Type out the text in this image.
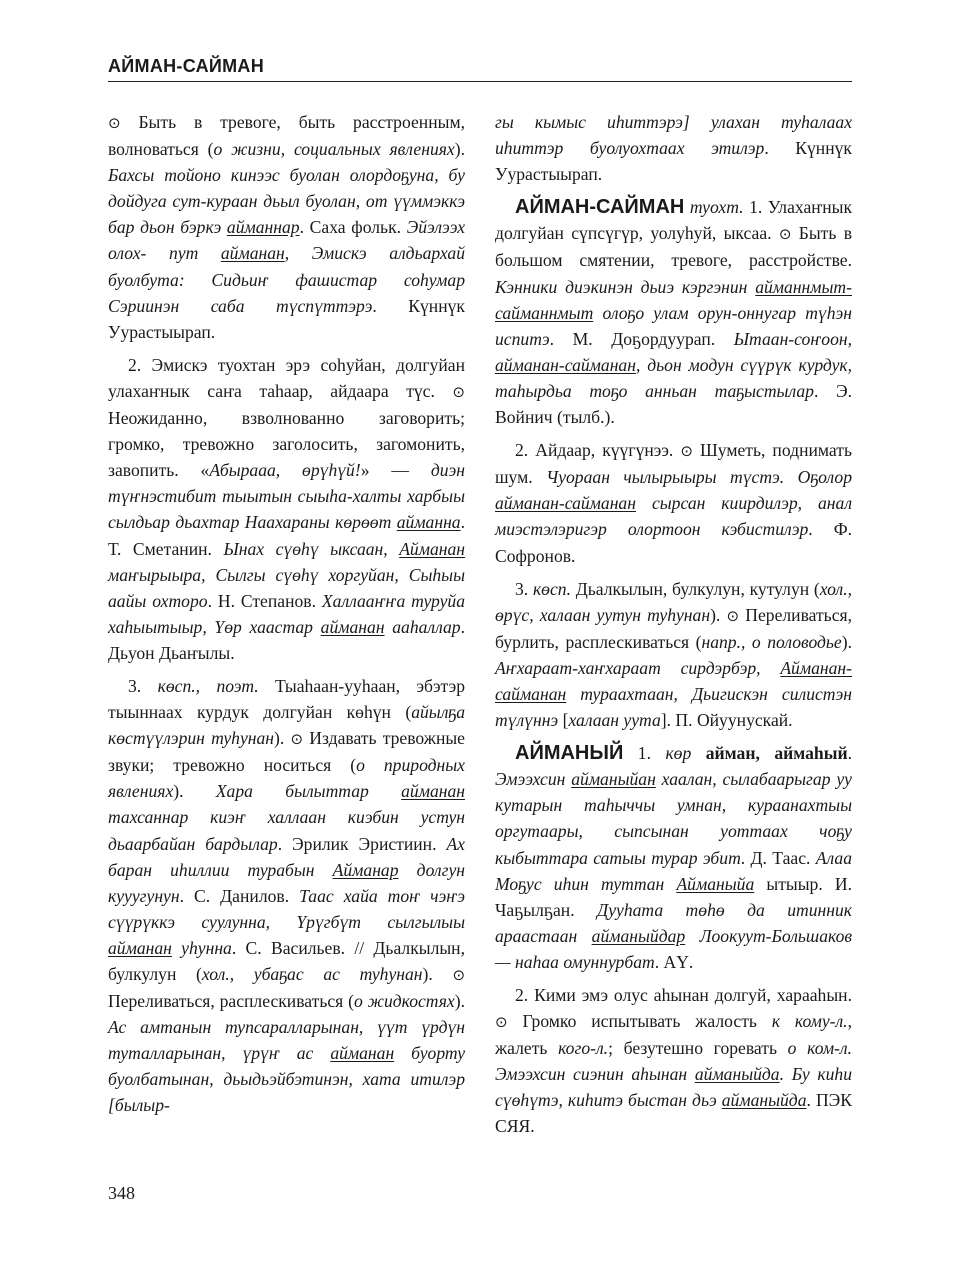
АЙМАН-САЙМАН

⊙ Быть в тревоге, быть расстроенным, волноваться (о жизни, социальных явлениях). Бахсы тойоно кинээс буолан олордоҕуна, бу дойдуга сут-кураан дьыл буолан, от үүммэккэ бар дьон бэркэ айманнар. Саха фольк. Эйэлээх олох- пут айманан, Эмискэ алдьархай буолбута: Сидьиҥ фашистар соһумар Сэриинэн саба түспүттэрэ. Күннүк Уурастыырап.

2. Эмискэ туохтан эрэ соһуйан, долгуйан улахаҥнык саҥа таһаар, айдаара түс. ⊙ Неожиданно, взволнованно заговорить; громко, тревожно заголосить, загомонить, завопить. «Абырааа, өрүһүй!» — диэн түҥнэстибит тыытын сыыһа-халты харбыы сылдьар дьахтар Наахараны көрөөт айманна. Т. Сметанин. Ынах сүөһү ыксаан, Айманан маҥырыыра, Сылгы сүөһү хоргуйан, Сыһыы аайы охторо. Н. Степанов. Халлааҥҥа туруйа хаһыытыыр, Үөр хаастар айманан ааһаллар. Дьуон Дьаҥылы.

3. көсп., поэт. Тыаһаан-ууһаан, эбэтэр тыыннаах курдук долгуйан көһүн (айылҕа көстүүлэрин туһунан). ⊙ Издавать тревожные звуки; тревожно носиться (о природных явлениях). Хара былыттар айманан тахсаннар киэҥ халлаан киэбин устун дьаарбайан бардылар. Эрилик Эристиин. Ах баран иһиллии турабын Айманар долгун кууугунун. С. Данилов. Таас хайа тоҥ чэҥэ сүүрүккэ суулунна, Үрүгбүт сылгылыы айманан уһунна. С. Васильев. // Дьалкылын, булкулун (хол., убаҕас ас туһунан). ⊙ Переливаться, расплескиваться (о жидкостях). Ас амтанын тупсаралларынан, үүт үрдүн туталларынан, үрүҥ ас айманан буорту буолбатынан, дьыдьэйбэтинэн, хата итилэр [былыр-

гы кымыс иһиттэрэ] улахан туһалаах иһиттэр буолуохтаах этилэр. Күннүк Уурастыырап.

АЙМАН-САЙМАН туохт. 1. Улахаҥнык долгуйан сүпсүгүр, уолуһуй, ыксаа. ⊙ Быть в большом смятении, тревоге, расстройстве. Кэнники диэкинэн дьиэ кэргэнин айманнмыт-сайманнмыт олоҕо улам орун-оннугар түһэн испитэ. М. Доҕордуурап. Ытаан-соҥоон, айманан-сайманан, дьон модун сүүрүк курдук, таһырдьа тоҕо анньан таҕыстылар. Э. Войнич (тылб.).

2. Айдаар, күүгүнээ. ⊙ Шуметь, поднимать шум. Чуораан чылырыыры түстэ. Оҕолор айманан-сайманан сырсан киирдилэр, анал миэстэлэригэр олортоон кэбистилэр. Ф. Софронов.

3. көсп. Дьалкылын, булкулун, кутулун (хол., өрүс, халаан уутун туһунан). ⊙ Переливаться, бурлить, расплескиваться (напр., о половодье). Аҥхараат-хаҥхараат сирдэрбэр, Айманан-сайманан тураахтаан, Дьигискэн силистэн түлүннэ [халаан уута]. П. Ойуунускай.

АЙМАНЫЙ 1. көр айман, аймаһый. Эмээхсин айманыйан хаалан, сылабаарыгар уу кутарын таһыччы умнан, кураанахтыы оргутаары, сыпсынан уоттаах чоҕу кыбыттара сатыы турар эбит. Д. Таас. Алаа Моҕус иһин туттан Айманыйа ытыыр. И. Чаҕылҕан. Дууһата төһө да итинник араастаан айманыйдар Лоокуут-Большаков — наһаа омуннурбат. АҮ.

2. Кими эмэ олус аһынан долгуй, харааһын. ⊙ Громко испытывать жалость к кому-л., жалеть кого-л.; безутешно горевать о ком-л. Эмээхсин сиэнин аһынан айманыйда. Бу киһи сүөһүтэ, киһитэ быстан дьэ айманыйда. ПЭК СЯЯ.

348
